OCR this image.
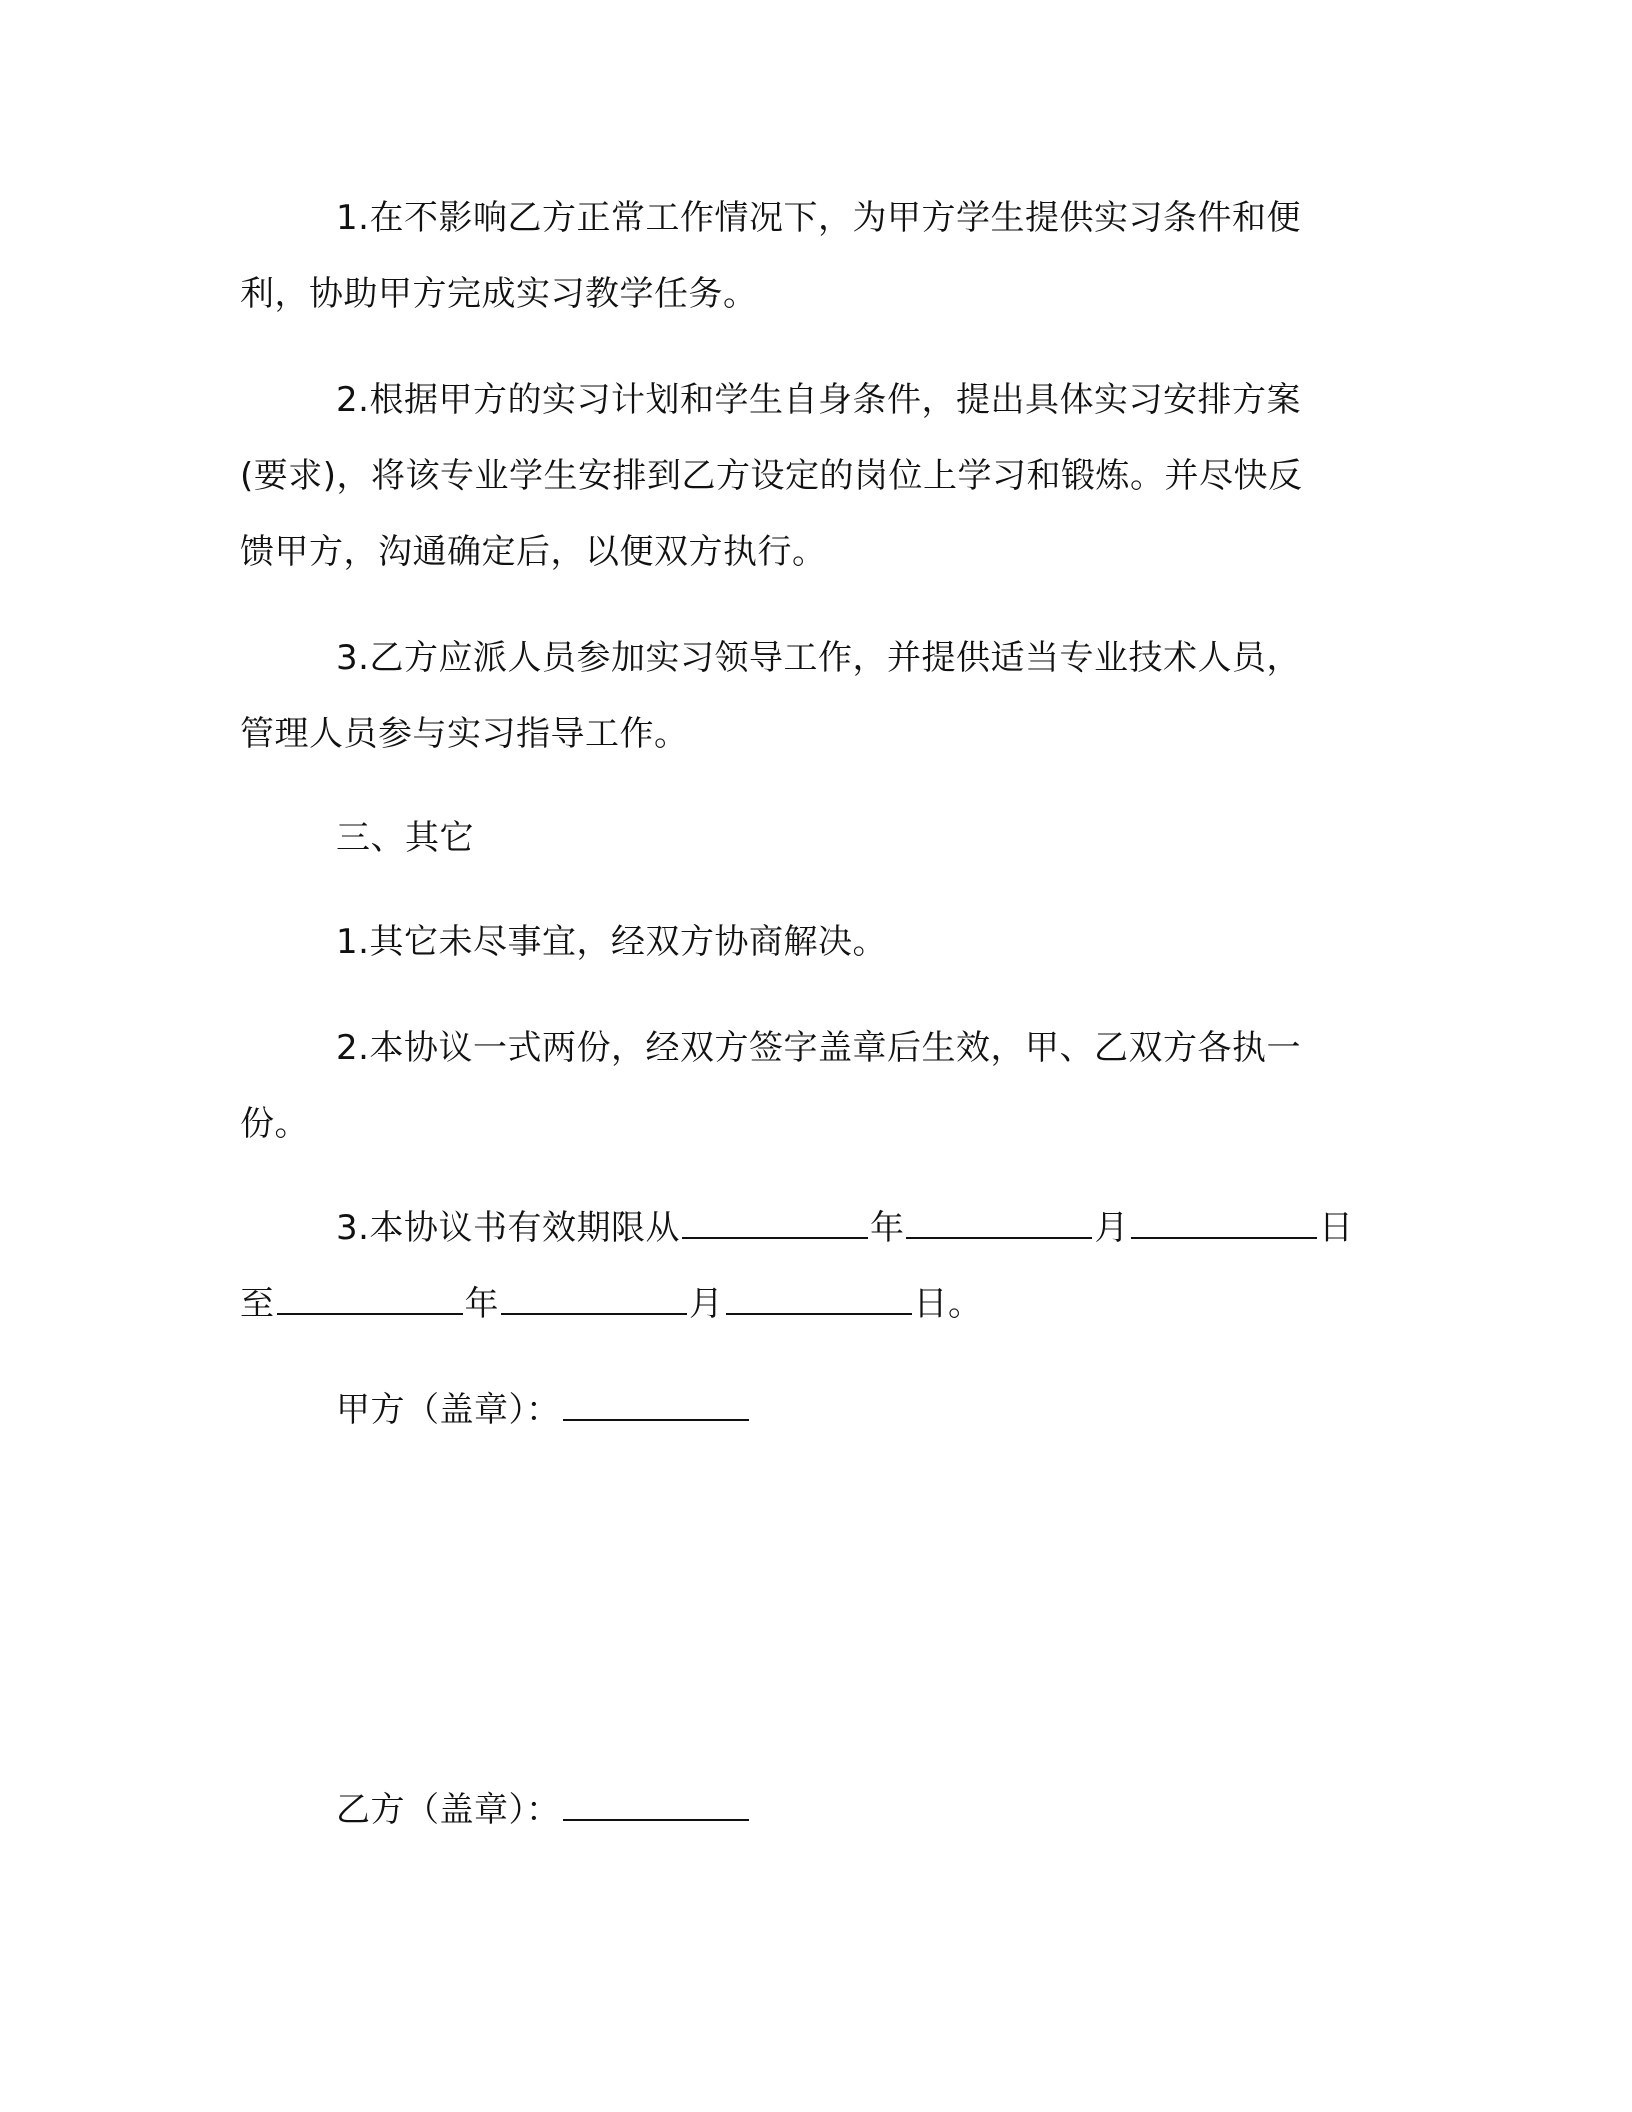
1.在不影响乙方正常工作情况下，为甲方学生提供实习条件和便
利，协助甲方完成实习教学任务。
2.根据甲方的实习计划和学生自身条件，提出具体实习安排方案
(要求)，将该专业学生安排到乙方设定的岗位上学习和锻炼。并尽快反
馈甲方，沟通确定后，以便双方执行。
3.乙方应派人员参加实习领导工作，并提供适当专业技术人员，
管理人员参与实习指导工作。
三、其它
1.其它未尽事宜，经双方协商解决。
2.本协议一式两份，经双方签字盖章后生效，甲、乙双方各执一
份。
3.本协议书有效期限从	年	月	日
至	年	月	日。
甲方（盖章）：
乙方（盖章）：
